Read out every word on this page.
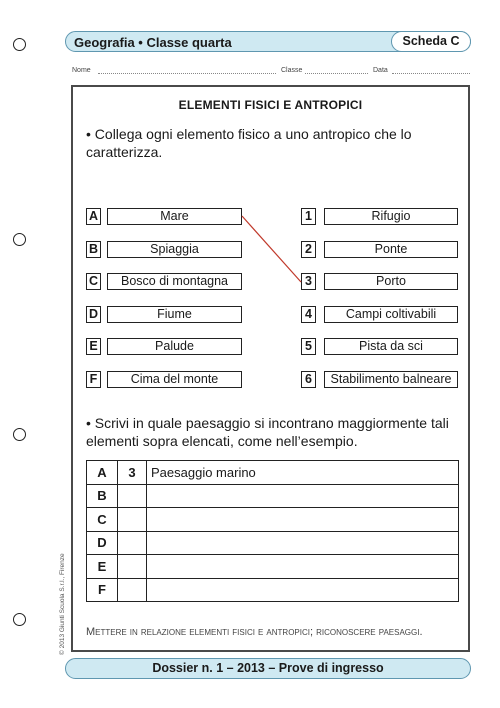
Geografia • Classe quarta	Scheda C
Nome	Classe	Data
ELEMENTI FISICI E ANTROPICI
• Collega ogni elemento fisico a uno antropico che lo caratterizza.
A	Mare
B	Spiaggia
C	Bosco di montagna
D	Fiume
E	Palude
F	Cima del monte
1	Rifugio
2	Ponte
3	Porto
4	Campi coltivabili
5	Pista da sci
6	Stabilimento balneare
• Scrivi in quale paesaggio si incontrano maggiormente tali elementi sopra elencati, come nell’esempio.
A	3	Paesaggio marino
B		
C		
D		
E		
F		
Mettere in relazione elementi fisici e antropici; riconoscere paesaggi.
© 2013 Giunti Scuola S.r.l., Firenze
Dossier n. 1 – 2013 – Prove di ingresso
